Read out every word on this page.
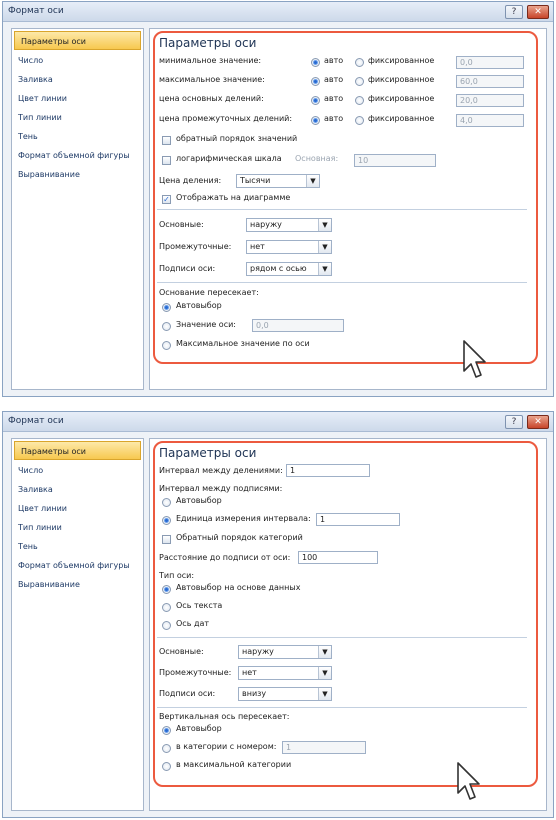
Формат оси	?	✕
Параметры оси
Число
Заливка
Цвет линии
Тип линии
Тень
Формат объемной фигуры
Выравнивание
Параметры оси
минимальное значение:	авто	фиксированное	0,0
максимальное значение:	авто	фиксированное	60,0
цена основных делений:	авто	фиксированное	20,0
цена промежуточных делений:	авто	фиксированное	4,0
обратный порядок значений
логарифмическая шкала Основная:	10
Цена деления:	Тысячи	▼
✓ Отображать на диаграмме
Основные:	наружу	▼
Промежуточные:	нет	▼
Подписи оси:	рядом с осью	▼
Основание пересекает:
Автовыбор
Значение оси:	0,0
Максимальное значение по оси
Формат оси	?	✕
Параметры оси
Число
Заливка
Цвет линии
Тип линии
Тень
Формат объемной фигуры
Выравнивание
Параметры оси
Интервал между делениями: 1
Интервал между подписями:
Автовыбор
Единица измерения интервала:	1
Обратный порядок категорий
Расстояние до подписи от оси:	100
Тип оси:
Автовыбор на основе данных
Ось текста
Ось дат
Основные:	наружу	▼
Промежуточные:	нет	▼
Подписи оси:	внизу	▼
Вертикальная ось пересекает:
Автовыбор
в категории с номером:	1
в максимальной категории
